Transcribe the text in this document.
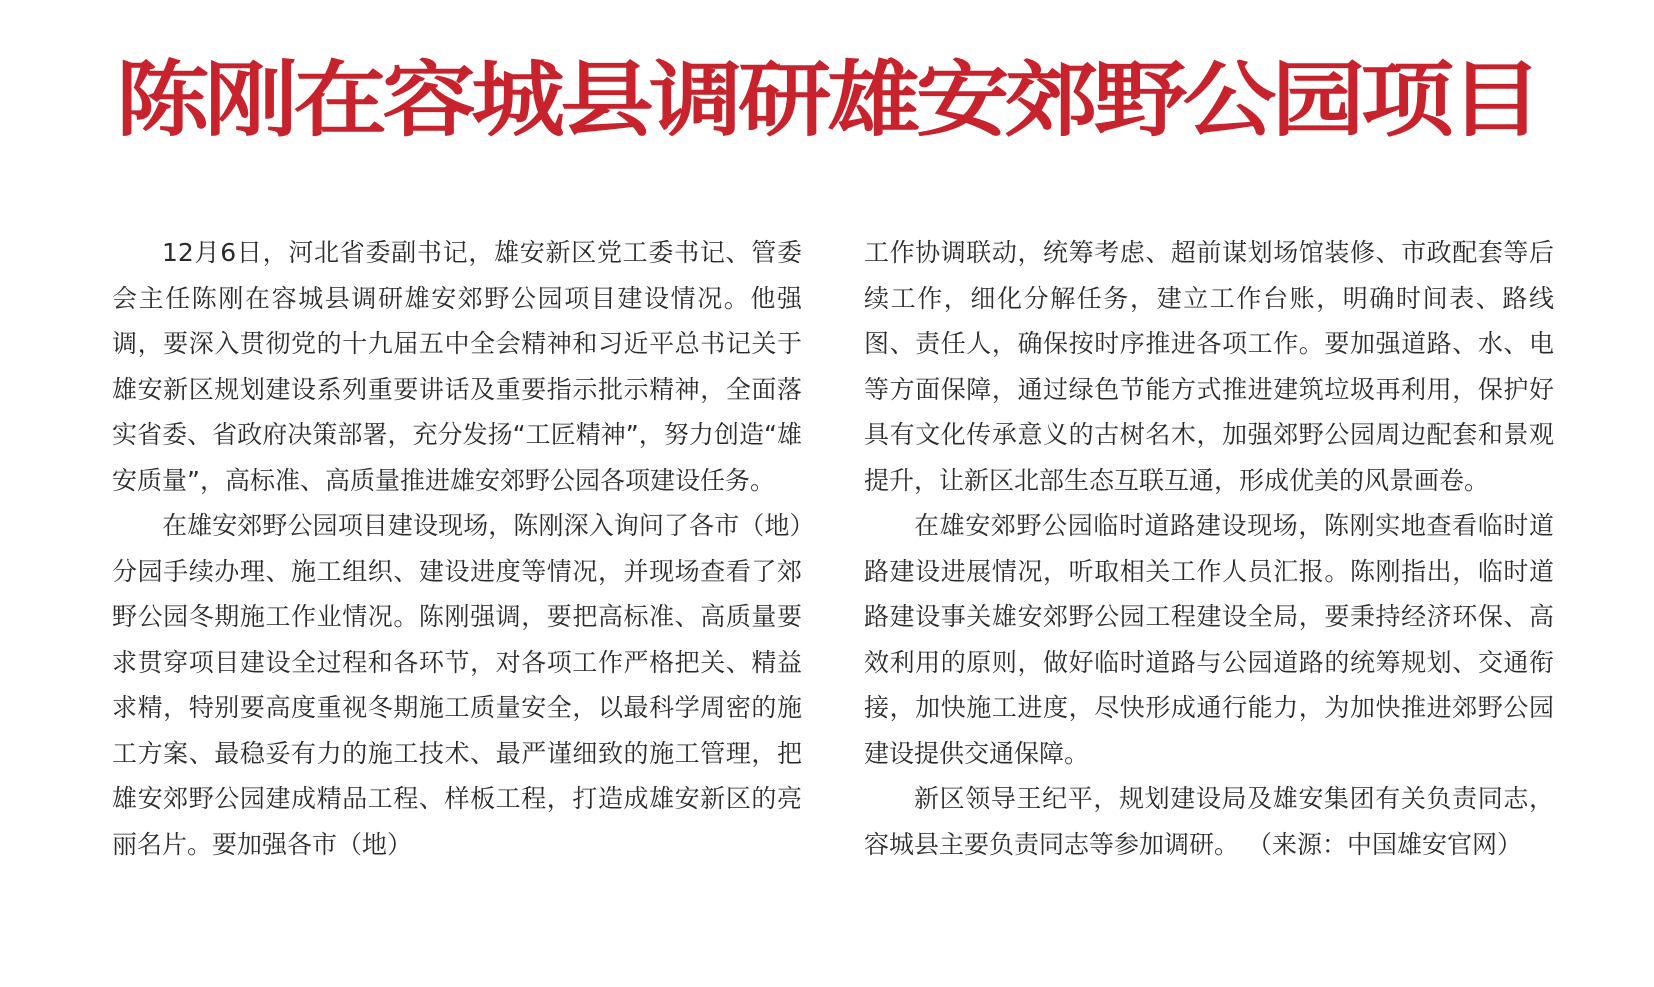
陈刚在容城县调研雄安郊野公园项目

12月6日，河北省委副书记，雄安新区党工委书记、管委会主任陈刚在容城县调研雄安郊野公园项目建设情况。他强调，要深入贯彻党的十九届五中全会精神和习近平总书记关于雄安新区规划建设系列重要讲话及重要指示批示精神，全面落实省委、省政府决策部署，充分发扬“工匠精神”，努力创造“雄安质量”，高标准、高质量推进雄安郊野公园各项建设任务。

在雄安郊野公园项目建设现场，陈刚深入询问了各市（地）分园手续办理、施工组织、建设进度等情况，并现场查看了郊野公园冬期施工作业情况。陈刚强调，要把高标准、高质量要求贯穿项目建设全过程和各环节，对各项工作严格把关、精益求精，特别要高度重视冬期施工质量安全，以最科学周密的施工方案、最稳妥有力的施工技术、最严谨细致的施工管理，把雄安郊野公园建成精品工程、样板工程，打造成雄安新区的亮丽名片。要加强各市（地）

工作协调联动，统筹考虑、超前谋划场馆装修、市政配套等后续工作，细化分解任务，建立工作台账，明确时间表、路线图、责任人，确保按时序推进各项工作。要加强道路、水、电等方面保障，通过绿色节能方式推进建筑垃圾再利用，保护好具有文化传承意义的古树名木，加强郊野公园周边配套和景观提升，让新区北部生态互联互通，形成优美的风景画卷。

在雄安郊野公园临时道路建设现场，陈刚实地查看临时道路建设进展情况，听取相关工作人员汇报。陈刚指出，临时道路建设事关雄安郊野公园工程建设全局，要秉持经济环保、高效利用的原则，做好临时道路与公园道路的统筹规划、交通衔接，加快施工进度，尽快形成通行能力，为加快推进郊野公园建设提供交通保障。

新区领导王纪平，规划建设局及雄安集团有关负责同志，容城县主要负责同志等参加调研。 （来源：中国雄安官网）
